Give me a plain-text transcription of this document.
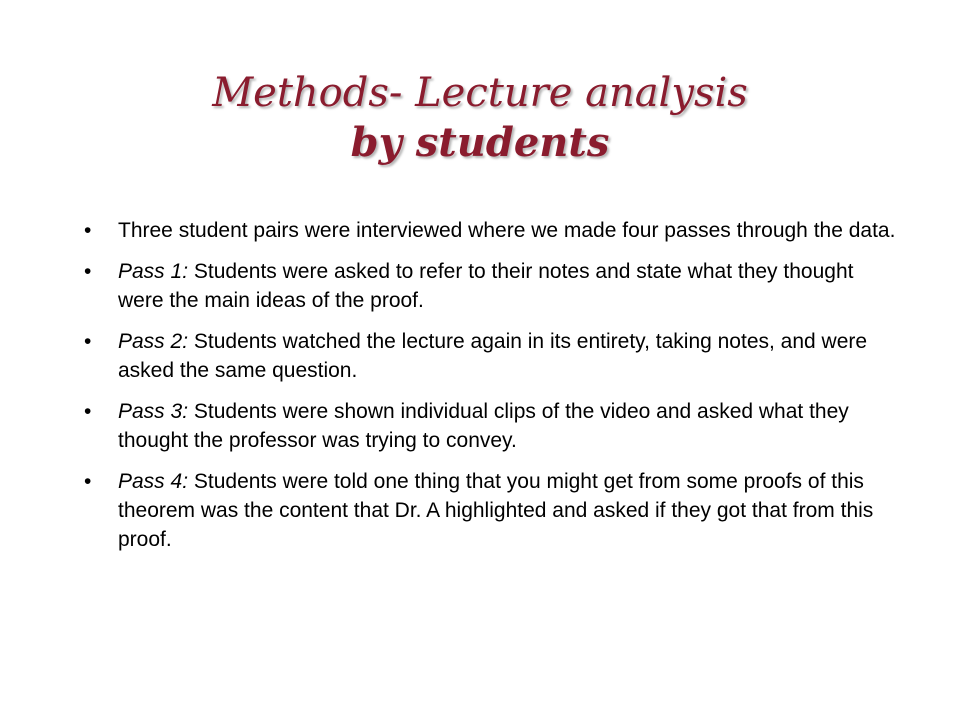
Methods- Lecture analysis
by students
• Three student pairs were interviewed where we made four passes through the data.
• Pass 1: Students were asked to refer to their notes and state what they thought were the main ideas of the proof.
• Pass 2: Students watched the lecture again in its entirety, taking notes, and were asked the same question.
• Pass 3: Students were shown individual clips of the video and asked what they thought the professor was trying to convey.
• Pass 4: Students were told one thing that you might get from some proofs of this theorem was the content that Dr. A highlighted and asked if they got that from this proof.
